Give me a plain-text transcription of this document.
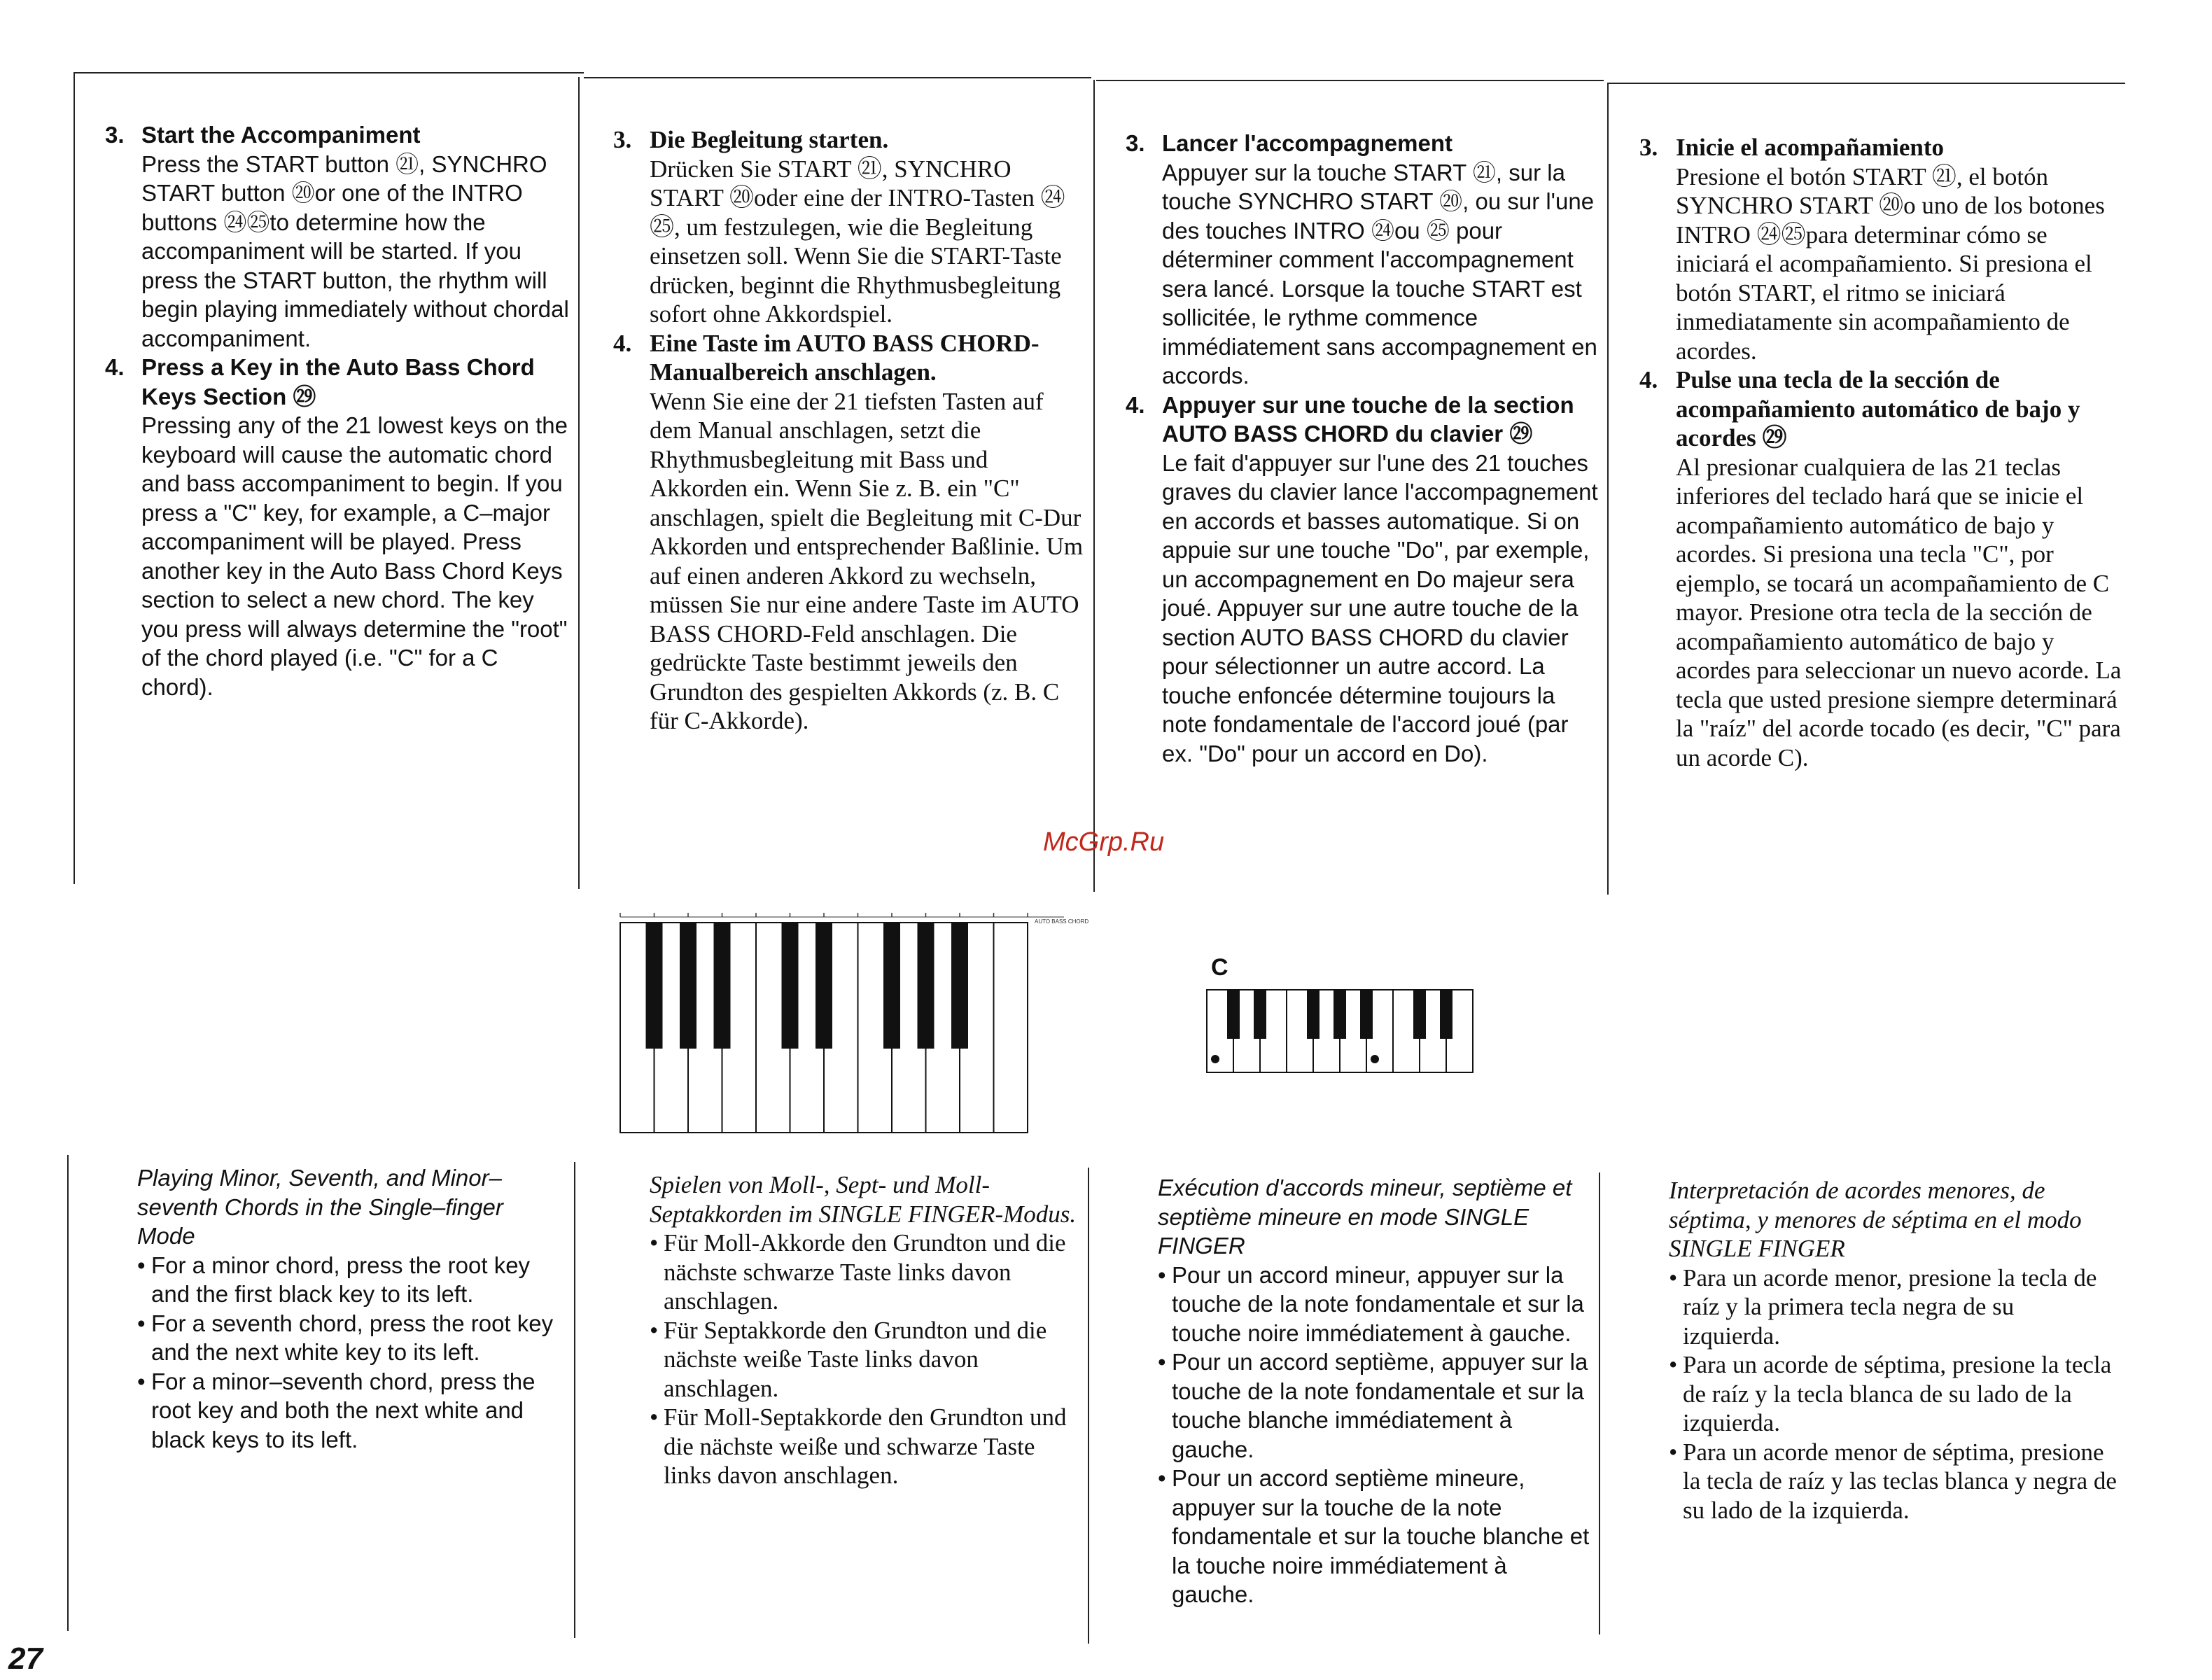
3. Start the Accompaniment
Press the START button ㉑, SYNCHRO START button ⑳or one of the INTRO buttons ㉔㉕to determine how the accompaniment will be started. If you press the START button, the rhythm will begin playing immediately without chordal accompaniment.
4. Press a Key in the Auto Bass Chord Keys Section ㉙
Pressing any of the 21 lowest keys on the keyboard will cause the automatic chord and bass accompaniment to begin. If you press a "C" key, for example, a C–major accompaniment will be played. Press another key in the Auto Bass Chord Keys section to select a new chord. The key you press will always determine the "root" of the chord played (i.e. "C" for a C chord).
3. Die Begleitung starten.
Drücken Sie START ㉑, SYNCHRO START ⑳oder eine der INTRO-Tasten ㉔㉕, um festzulegen, wie die Begleitung einsetzen soll. Wenn Sie die START-Taste drücken, beginnt die Rhythmusbegleitung sofort ohne Akkordspiel.
4. Eine Taste im AUTO BASS CHORD-Manualbereich anschlagen.
Wenn Sie eine der 21 tiefsten Tasten auf dem Manual anschlagen, setzt die Rhythmusbegleitung mit Bass und Akkorden ein. Wenn Sie z. B. ein "C" anschlagen, spielt die Begleitung mit C-Dur Akkorden und entsprechender Baßlinie. Um auf einen anderen Akkord zu wechseln, müssen Sie nur eine andere Taste im AUTO BASS CHORD-Feld anschlagen. Die gedrückte Taste bestimmt jeweils den Grundton des gespielten Akkords (z. B. C für C-Akkorde).
3. Lancer l'accompagnement
Appuyer sur la touche START ㉑, sur la touche SYNCHRO START ⑳, ou sur l'une des touches INTRO ㉔ou ㉕ pour déterminer comment l'accompagnement sera lancé. Lorsque la touche START est sollicitée, le rythme commence immédiatement sans accompagnement en accords.
4. Appuyer sur une touche de la section AUTO BASS CHORD du clavier ㉙
Le fait d'appuyer sur l'une des 21 touches graves du clavier lance l'accompagnement en accords et basses automatique. Si on appuie sur une touche "Do", par exemple, un accompagnement en Do majeur sera joué. Appuyer sur une autre touche de la section AUTO BASS CHORD du clavier pour sélectionner un autre accord. La touche enfoncée détermine toujours la note fondamentale de l'accord joué (par ex. "Do" pour un accord en Do).
3. Inicie el acompañamiento
Presione el botón START ㉑, el botón SYNCHRO START ⑳o uno de los botones INTRO ㉔㉕para determinar cómo se iniciará el acompañamiento. Si presiona el botón START, el ritmo se iniciará inmediatamente sin acompañamiento de acordes.
4. Pulse una tecla de la sección de acompañamiento automático de bajo y acordes ㉙
Al presionar cualquiera de las 21 teclas inferiores del teclado hará que se inicie el acompañamiento automático de bajo y acordes. Si presiona una tecla "C", por ejemplo, se tocará un acompañamiento de C mayor. Presione otra tecla de la sección de acompañamiento automático de bajo y acordes para seleccionar un nuevo acorde. La tecla que usted presione siempre determinará la "raíz" del acorde tocado (es decir, "C" para un acorde C).
AUTO BASS CHORD
C
Playing Minor, Seventh, and Minor–seventh Chords in the Single–finger Mode
• For a minor chord, press the root key and the first black key to its left.
• For a seventh chord, press the root key and the next white key to its left.
• For a minor–seventh chord, press the root key and both the next white and black keys to its left.
Spielen von Moll-, Sept- und Moll-Septakkorden im SINGLE FINGER-Modus.
• Für Moll-Akkorde den Grundton und die nächste schwarze Taste links davon anschlagen.
• Für Septakkorde den Grundton und die nächste weiße Taste links davon anschlagen.
• Für Moll-Septakkorde den Grundton und die nächste weiße und schwarze Taste links davon anschlagen.
Exécution d'accords mineur, septième et septième mineure en mode SINGLE FINGER
• Pour un accord mineur, appuyer sur la touche de la note fondamentale et sur la touche noire immédiatement à gauche.
• Pour un accord septième, appuyer sur la touche de la note fondamentale et sur la touche blanche immédiatement à gauche.
• Pour un accord septième mineure, appuyer sur la touche de la note fondamentale et sur la touche blanche et la touche noire immédiatement à gauche.
Interpretación de acordes menores, de séptima, y menores de séptima en el modo SINGLE FINGER
• Para un acorde menor, presione la tecla de raíz y la primera tecla negra de su izquierda.
• Para un acorde de séptima, presione la tecla de raíz y la tecla blanca de su lado de la izquierda.
• Para un acorde menor de séptima, presione la tecla de raíz y las teclas blanca y negra de su lado de la izquierda.
McGrp.Ru
27
